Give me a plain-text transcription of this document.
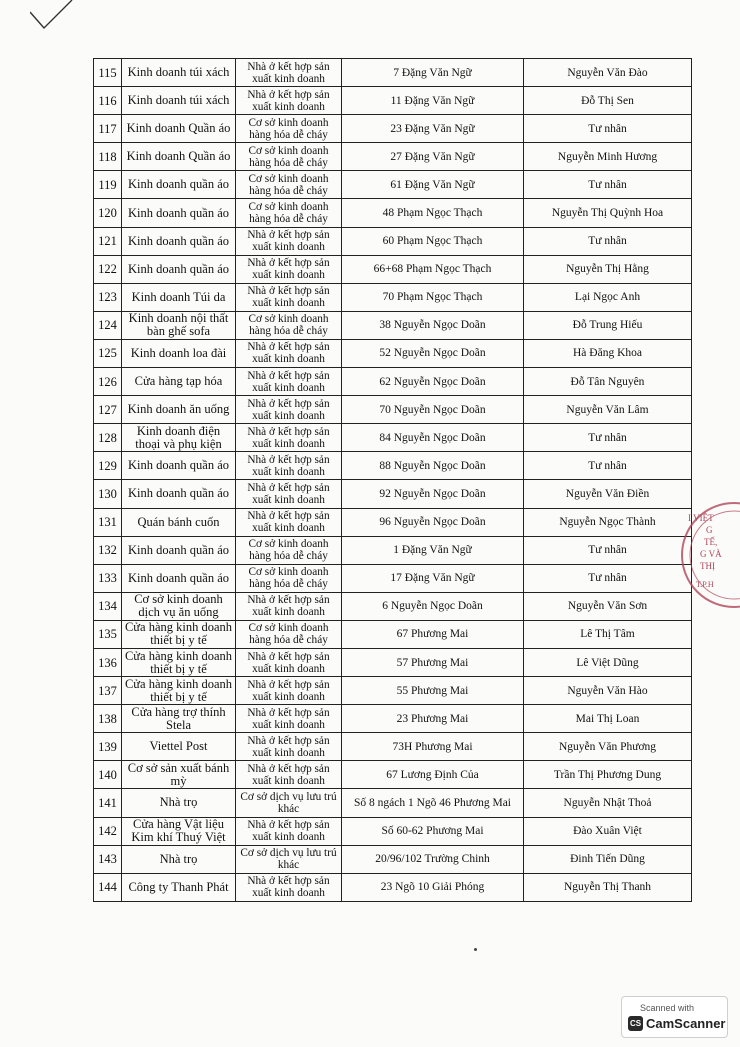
115	Kinh doanh túi xách	Nhà ở kết hợp sản xuất kinh doanh	7 Đặng Văn Ngữ	Nguyễn Văn Đào
116	Kinh doanh túi xách	Nhà ở kết hợp sản xuất kinh doanh	11 Đặng Văn Ngữ	Đỗ Thị Sen
117	Kinh doanh Quần áo	Cơ sở kinh doanh hàng hóa dễ cháy	23 Đặng Văn Ngữ	Tư nhân
118	Kinh doanh Quần áo	Cơ sở kinh doanh hàng hóa dễ cháy	27 Đặng Văn Ngữ	Nguyễn Minh Hương
119	Kinh doanh quần áo	Cơ sở kinh doanh hàng hóa dễ cháy	61 Đặng Văn Ngữ	Tư nhân
120	Kinh doanh quần áo	Cơ sở kinh doanh hàng hóa dễ cháy	48 Phạm Ngọc Thạch	Nguyễn Thị Quỳnh Hoa
121	Kinh doanh quần áo	Nhà ở kết hợp sản xuất kinh doanh	60 Phạm Ngọc Thạch	Tư nhân
122	Kinh doanh quần áo	Nhà ở kết hợp sản xuất kinh doanh	66+68 Phạm Ngọc Thạch	Nguyễn Thị Hằng
123	Kinh doanh Túi da	Nhà ở kết hợp sản xuất kinh doanh	70 Phạm Ngọc Thạch	Lại Ngọc Anh
124	Kinh doanh nội thất bàn ghế sofa	Cơ sở kinh doanh hàng hóa dễ cháy	38 Nguyễn Ngọc Doãn	Đỗ Trung Hiếu
125	Kinh doanh loa đài	Nhà ở kết hợp sản xuất kinh doanh	52 Nguyễn Ngọc Doãn	Hà Đăng Khoa
126	Cửa hàng tạp hóa	Nhà ở kết hợp sản xuất kinh doanh	62 Nguyễn Ngọc Doãn	Đỗ Tân Nguyên
127	Kinh doanh ăn uống	Nhà ở kết hợp sản xuất kinh doanh	70 Nguyễn Ngọc Doãn	Nguyễn Văn Lâm
128	Kinh doanh điện thoại và phụ kiện	Nhà ở kết hợp sản xuất kinh doanh	84 Nguyễn Ngọc Doãn	Tư nhân
129	Kinh doanh quần áo	Nhà ở kết hợp sản xuất kinh doanh	88 Nguyễn Ngọc Doãn	Tư nhân
130	Kinh doanh quần áo	Nhà ở kết hợp sản xuất kinh doanh	92 Nguyễn Ngọc Doãn	Nguyễn Văn Điền
131	Quán bánh cuốn	Nhà ở kết hợp sản xuất kinh doanh	96 Nguyễn Ngọc Doãn	Nguyễn Ngọc Thành
132	Kinh doanh quần áo	Cơ sở kinh doanh hàng hóa dễ cháy	1 Đặng Văn Ngữ	Tư nhân
133	Kinh doanh quần áo	Cơ sở kinh doanh hàng hóa dễ cháy	17 Đặng Văn Ngữ	Tư nhân
134	Cơ sở kinh doanh dịch vụ ăn uống	Nhà ở kết hợp sản xuất kinh doanh	6 Nguyễn Ngọc Doãn	Nguyễn Văn Sơn
135	Cửa hàng kinh doanh thiết bị y tế	Cơ sở kinh doanh hàng hóa dễ cháy	67 Phương Mai	Lê Thị Tâm
136	Cửa hàng kinh doanh thiết bị y tế	Nhà ở kết hợp sản xuất kinh doanh	57 Phương Mai	Lê Việt Dũng
137	Cửa hàng kinh doanh thiết bị y tế	Nhà ở kết hợp sản xuất kinh doanh	55 Phương Mai	Nguyễn Văn Hào
138	Cửa hàng trợ thính Stela	Nhà ở kết hợp sản xuất kinh doanh	23 Phương Mai	Mai Thị Loan
139	Viettel Post	Nhà ở kết hợp sản xuất kinh doanh	73H Phương Mai	Nguyễn Văn Phương
140	Cơ sở sản xuất bánh mỳ	Nhà ở kết hợp sản xuất kinh doanh	67 Lương Định Của	Trần Thị Phương Dung
141	Nhà trọ	Cơ sở dịch vụ lưu trú khác	Số 8 ngách 1 Ngõ 46 Phương Mai	Nguyễn Nhật Thoả
142	Cửa hàng Vật liệu Kim khí Thuý Việt	Nhà ở kết hợp sản xuất kinh doanh	Số 60-62 Phương Mai	Đào Xuân Việt
143	Nhà trọ	Cơ sở dịch vụ lưu trú khác	20/96/102 Trường Chinh	Đinh Tiến Dũng
144	Công ty Thanh Phát	Nhà ở kết hợp sản xuất kinh doanh	23 Ngõ 10 Giải Phóng	Nguyễn Thị Thanh
I VIỆT
G
TẾ,
G VÀ
THỊ
T.P.H
Scanned with
CS CamScanner
